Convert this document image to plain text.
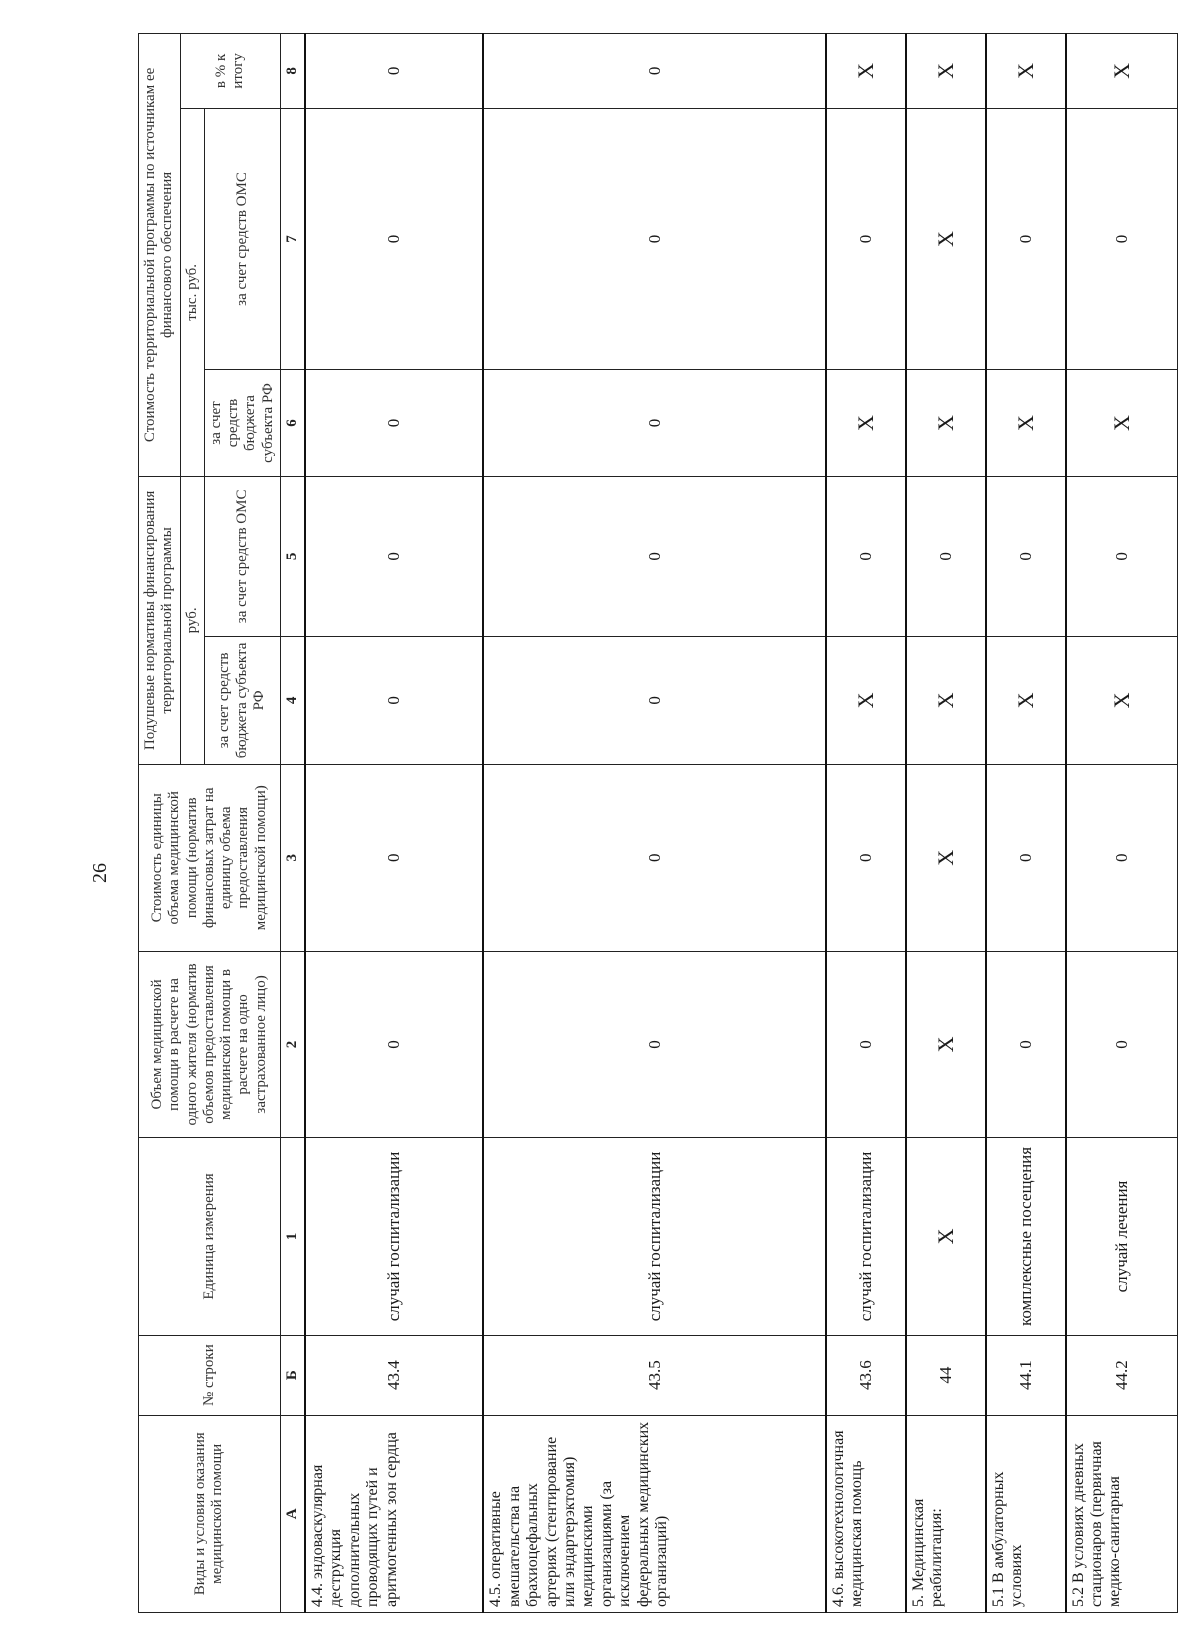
26
Виды и условия оказания медицинской помощи	№ строки	Единица измерения	Объем медицинской помощи в расчете на одного жителя (норматив объемов предоставления медицинской помощи в расчете на одно застрахованное лицо)	Стоимость единицы объема медицинской помощи (норматив финансовых затрат на единицу объема предоставления медицинской помощи)	Подушевые нормативы финансирования территориальной программы		Стоимость территориальной программы по источникам ее финансового обеспечения		
					руб.		тыс. руб.		в % к итогу
					за счет средств бюджета субъекта РФ	за счет средств ОМС	за счет средств бюджета субъекта РФ	за счет средств ОМС	
А	Б	1	2	3	4	5	6	7	8
4.4. эндоваскулярная деструкция дополнительных проводящих путей и аритмогенных зон сердца	43.4	случай госпитализации	0	0	0	0	0	0	0
4.5. оперативные вмешательства на брахиоцефальных артериях (стентирование или эндартерэктомия) медицинскими организациями (за исключением федеральных медицинских организаций)	43.5	случай госпитализации	0	0	0	0	0	0	0
4.6. высокотехнологичная медицинская помощь	43.6	случай госпитализации	0	0	X	0	X	0	X
5. Медицинская реабилитация:	44	X	X	X	X	0	X	X	X
5.1 В амбулаторных условиях	44.1	комплексные посещения	0	0	X	0	X	0	X
5.2 В условиях дневных стационаров (первичная медико-санитарная	44.2	случай лечения	0	0	X	0	X	0	X
